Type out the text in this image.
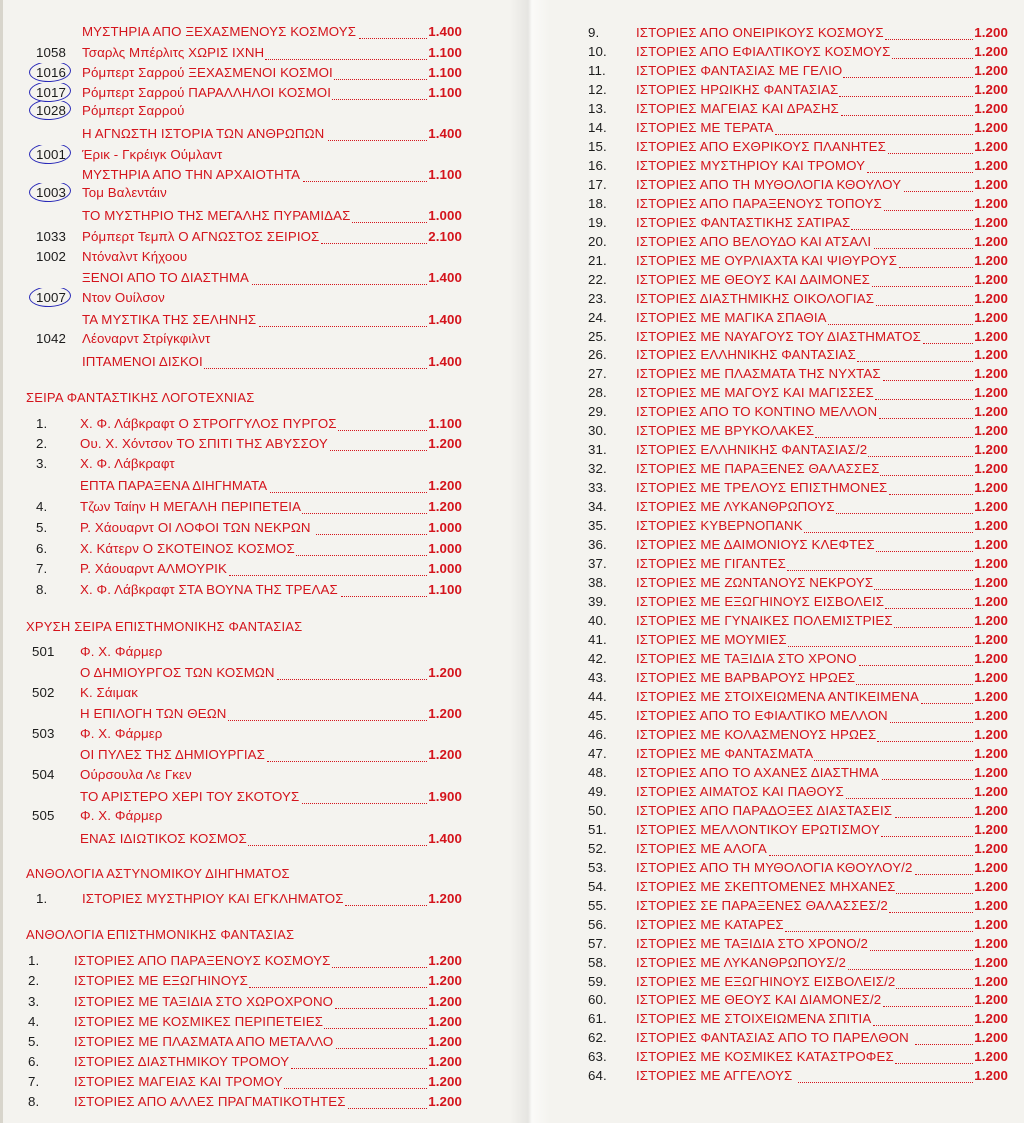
ΜΥΣΤΗΡΙΑ ΑΠΟ ΞΕΧΑΣΜΕΝΟΥΣ ΚΟΣΜΟΥΣ	1.400
1058 Τσαρλς Μπέρλιτς ΧΩΡΙΣ ΙΧΝΗ	1.100
1016 Ρόμπερτ Σαρρού ΞΕΧΑΣΜΕΝΟΙ ΚΟΣΜΟΙ	1.100
1017 Ρόμπερτ Σαρρού ΠΑΡΑΛΛΗΛΟΙ ΚΟΣΜΟΙ	1.100
1028 Ρόμπερτ Σαρρού
Η ΑΓΝΩΣΤΗ ΙΣΤΟΡΙΑ ΤΩΝ ΑΝΘΡΩΠΩΝ	1.400
1001 Έρικ - Γκρέιγκ Ούμλαντ
ΜΥΣΤΗΡΙΑ ΑΠΟ ΤΗΝ ΑΡΧΑΙΟΤΗΤΑ	1.100
1003 Τομ Βαλεντάιν
ΤΟ ΜΥΣΤΗΡΙΟ ΤΗΣ ΜΕΓΑΛΗΣ ΠΥΡΑΜΙΔΑΣ	1.000
1033 Ρόμπερτ Τεμπλ Ο ΑΓΝΩΣΤΟΣ ΣΕΙΡΙΟΣ	2.100
1002 Ντόναλντ Κήχοου
ΞΕΝΟΙ ΑΠΟ ΤΟ ΔΙΑΣΤΗΜΑ	1.400
1007 Ντον Ουίλσον
ΤΑ ΜΥΣΤΙΚΑ ΤΗΣ ΣΕΛΗΝΗΣ	1.400
1042 Λέοναρντ Στρίγκφιλντ
ΙΠΤΑΜΕΝΟΙ ΔΙΣΚΟΙ	1.400
1. Χ. Φ. Λάβκραφτ Ο ΣΤΡΟΓΓΥΛΟΣ ΠΥΡΓΟΣ	1.100
2. Ου. Χ. Χόντσον ΤΟ ΣΠΙΤΙ ΤΗΣ ΑΒΥΣΣΟΥ	1.200
3. Χ. Φ. Λάβκραφτ
ΕΠΤΑ ΠΑΡΑΞΕΝΑ ΔΙΗΓΗΜΑΤΑ	1.200
4. Τζων Ταίην Η ΜΕΓΑΛΗ ΠΕΡΙΠΕΤΕΙΑ	1.200
5. Ρ. Χάουαρντ ΟΙ ΛΟΦΟΙ ΤΩΝ ΝΕΚΡΩΝ	1.000
6. Χ. Κάτερν Ο ΣΚΟΤΕΙΝΟΣ ΚΟΣΜΟΣ	1.000
7. Ρ. Χάουαρντ ΑΛΜΟΥΡΙΚ	1.000
8. Χ. Φ. Λάβκραφτ ΣΤΑ ΒΟΥΝΑ ΤΗΣ ΤΡΕΛΑΣ	1.100
501 Φ. Χ. Φάρμερ
Ο ΔΗΜΙΟΥΡΓΟΣ ΤΩΝ ΚΟΣΜΩΝ	1.200
502 Κ. Σάιμακ
Η ΕΠΙΛΟΓΗ ΤΩΝ ΘΕΩΝ	1.200
503 Φ. Χ. Φάρμερ
ΟΙ ΠΥΛΕΣ ΤΗΣ ΔΗΜΙΟΥΡΓΙΑΣ	1.200
504 Ούρσουλα Λε Γκεν
ΤΟ ΑΡΙΣΤΕΡΟ ΧΕΡΙ ΤΟΥ ΣΚΟΤΟΥΣ	1.900
505 Φ. Χ. Φάρμερ
ΕΝΑΣ ΙΔΙΩΤΙΚΟΣ ΚΟΣΜΟΣ	1.400
1.	ΙΣΤΟΡΙΕΣ ΜΥΣΤΗΡΙΟΥ ΚΑΙ ΕΓΚΛΗΜΑΤΟΣ	1.200
1.	ΙΣΤΟΡΙΕΣ ΑΠΟ ΠΑΡΑΞΕΝΟΥΣ ΚΟΣΜΟΥΣ	1.200
2.	ΙΣΤΟΡΙΕΣ ΜΕ ΕΞΩΓΗΙΝΟΥΣ	1.200
3.	ΙΣΤΟΡΙΕΣ ΜΕ ΤΑΞΙΔΙΑ ΣΤΟ ΧΩΡΟΧΡΟΝΟ	1.200
4.	ΙΣΤΟΡΙΕΣ ΜΕ ΚΟΣΜΙΚΕΣ ΠΕΡΙΠΕΤΕΙΕΣ	1.200
5.	ΙΣΤΟΡΙΕΣ ΜΕ ΠΛΑΣΜΑΤΑ ΑΠΟ ΜΕΤΑΛΛΟ	1.200
6.	ΙΣΤΟΡΙΕΣ ΔΙΑΣΤΗΜΙΚΟΥ ΤΡΟΜΟΥ	1.200
7.	ΙΣΤΟΡΙΕΣ ΜΑΓΕΙΑΣ ΚΑΙ ΤΡΟΜΟΥ	1.200
8.	ΙΣΤΟΡΙΕΣ ΑΠΟ ΑΛΛΕΣ ΠΡΑΓΜΑΤΙΚΟΤΗΤΕΣ	1.200
ΣΕΙΡΑ ΦΑΝΤΑΣΤΙΚΗΣ ΛΟΓΟΤΕΧΝΙΑΣ
ΧΡΥΣΗ ΣΕΙΡΑ ΕΠΙΣΤΗΜΟΝΙΚΗΣ ΦΑΝΤΑΣΙΑΣ
ΑΝΘΟΛΟΓΙΑ ΑΣΤΥΝΟΜΙΚΟΥ ΔΙΗΓΗΜΑΤΟΣ
ΑΝΘΟΛΟΓΙΑ ΕΠΙΣΤΗΜΟΝΙΚΗΣ ΦΑΝΤΑΣΙΑΣ
9.	ΙΣΤΟΡΙΕΣ ΑΠΟ ΟΝΕΙΡΙΚΟΥΣ ΚΟΣΜΟΥΣ	1.200
10. ΙΣΤΟΡΙΕΣ ΑΠΟ ΕΦΙΑΛΤΙΚΟΥΣ ΚΟΣΜΟΥΣ	1.200
11. ΙΣΤΟΡΙΕΣ ΦΑΝΤΑΣΙΑΣ ΜΕ ΓΕΛΙΟ	1.200
12. ΙΣΤΟΡΙΕΣ ΗΡΩΙΚΗΣ ΦΑΝΤΑΣΙΑΣ	1.200
13. ΙΣΤΟΡΙΕΣ ΜΑΓΕΙΑΣ ΚΑΙ ΔΡΑΣΗΣ	1.200
14. ΙΣΤΟΡΙΕΣ ΜΕ ΤΕΡΑΤΑ	1.200
15. ΙΣΤΟΡΙΕΣ ΑΠΟ ΕΧΘΡΙΚΟΥΣ ΠΛΑΝΗΤΕΣ	1.200
16. ΙΣΤΟΡΙΕΣ ΜΥΣΤΗΡΙΟΥ ΚΑΙ ΤΡΟΜΟΥ	1.200
17. ΙΣΤΟΡΙΕΣ ΑΠΟ ΤΗ ΜΥΘΟΛΟΓΙΑ ΚΘΟΥΛΟΥ	1.200
18. ΙΣΤΟΡΙΕΣ ΑΠΟ ΠΑΡΑΞΕΝΟΥΣ ΤΟΠΟΥΣ	1.200
19. ΙΣΤΟΡΙΕΣ ΦΑΝΤΑΣΤΙΚΗΣ ΣΑΤΙΡΑΣ	1.200
20. ΙΣΤΟΡΙΕΣ ΑΠΟ ΒΕΛΟΥΔΟ ΚΑΙ ΑΤΣΑΛΙ	1.200
21. ΙΣΤΟΡΙΕΣ ΜΕ ΟΥΡΛΙΑΧΤΑ ΚΑΙ ΨΙΘΥΡΟΥΣ	1.200
22. ΙΣΤΟΡΙΕΣ ΜΕ ΘΕΟΥΣ ΚΑΙ ΔΑΙΜΟΝΕΣ	1.200
23. ΙΣΤΟΡΙΕΣ ΔΙΑΣΤΗΜΙΚΗΣ ΟΙΚΟΛΟΓΙΑΣ	1.200
24. ΙΣΤΟΡΙΕΣ ΜΕ ΜΑΓΙΚΑ ΣΠΑΘΙΑ	1.200
25. ΙΣΤΟΡΙΕΣ ΜΕ ΝΑΥΑΓΟΥΣ ΤΟΥ ΔΙΑΣΤΗΜΑΤΟΣ	1.200
26. ΙΣΤΟΡΙΕΣ ΕΛΛΗΝΙΚΗΣ ΦΑΝΤΑΣΙΑΣ	1.200
27. ΙΣΤΟΡΙΕΣ ΜΕ ΠΛΑΣΜΑΤΑ ΤΗΣ ΝΥΧΤΑΣ	1.200
28. ΙΣΤΟΡΙΕΣ ΜΕ ΜΑΓΟΥΣ ΚΑΙ ΜΑΓΙΣΣΕΣ	1.200
29. ΙΣΤΟΡΙΕΣ ΑΠΟ ΤΟ ΚΟΝΤΙΝΟ ΜΕΛΛΟΝ	1.200
30. ΙΣΤΟΡΙΕΣ ΜΕ ΒΡΥΚΟΛΑΚΕΣ	1.200
31. ΙΣΤΟΡΙΕΣ ΕΛΛΗΝΙΚΗΣ ΦΑΝΤΑΣΙΑΣ/2	1.200
32. ΙΣΤΟΡΙΕΣ ΜΕ ΠΑΡΑΞΕΝΕΣ ΘΑΛΑΣΣΕΣ	1.200
33. ΙΣΤΟΡΙΕΣ ΜΕ ΤΡΕΛΟΥΣ ΕΠΙΣΤΗΜΟΝΕΣ	1.200
34. ΙΣΤΟΡΙΕΣ ΜΕ ΛΥΚΑΝΘΡΩΠΟΥΣ	1.200
35. ΙΣΤΟΡΙΕΣ ΚΥΒΕΡΝΟΠΑΝΚ	1.200
36. ΙΣΤΟΡΙΕΣ ΜΕ ΔΑΙΜΟΝΙΟΥΣ ΚΛΕΦΤΕΣ	1.200
37. ΙΣΤΟΡΙΕΣ ΜΕ ΓΙΓΑΝΤΕΣ	1.200
38. ΙΣΤΟΡΙΕΣ ΜΕ ΖΩΝΤΑΝΟΥΣ ΝΕΚΡΟΥΣ	1.200
39. ΙΣΤΟΡΙΕΣ ΜΕ ΕΞΩΓΗΙΝΟΥΣ ΕΙΣΒΟΛΕΙΣ	1.200
40. ΙΣΤΟΡΙΕΣ ΜΕ ΓΥΝΑΙΚΕΣ ΠΟΛΕΜΙΣΤΡΙΕΣ	1.200
41. ΙΣΤΟΡΙΕΣ ΜΕ ΜΟΥΜΙΕΣ	1.200
42. ΙΣΤΟΡΙΕΣ ΜΕ ΤΑΞΙΔΙΑ ΣΤΟ ΧΡΟΝΟ	1.200
43. ΙΣΤΟΡΙΕΣ ΜΕ ΒΑΡΒΑΡΟΥΣ ΗΡΩΕΣ	1.200
44. ΙΣΤΟΡΙΕΣ ΜΕ ΣΤΟΙΧΕΙΩΜΕΝΑ ΑΝΤΙΚΕΙΜΕΝΑ	1.200
45. ΙΣΤΟΡΙΕΣ ΑΠΟ ΤΟ ΕΦΙΑΛΤΙΚΟ ΜΕΛΛΟΝ	1.200
46. ΙΣΤΟΡΙΕΣ ΜΕ ΚΟΛΑΣΜΕΝΟΥΣ ΗΡΩΕΣ	1.200
47. ΙΣΤΟΡΙΕΣ ΜΕ ΦΑΝΤΑΣΜΑΤΑ	1.200
48. ΙΣΤΟΡΙΕΣ ΑΠΟ ΤΟ ΑΧΑΝΕΣ ΔΙΑΣΤΗΜΑ	1.200
49. ΙΣΤΟΡΙΕΣ ΑΙΜΑΤΟΣ ΚΑΙ ΠΑΘΟΥΣ	1.200
50. ΙΣΤΟΡΙΕΣ ΑΠΟ ΠΑΡΑΔΟΞΕΣ ΔΙΑΣΤΑΣΕΙΣ	1.200
51. ΙΣΤΟΡΙΕΣ ΜΕΛΛΟΝΤΙΚΟΥ ΕΡΩΤΙΣΜΟΥ	1.200
52. ΙΣΤΟΡΙΕΣ ΜΕ ΑΛΟΓΑ	1.200
53. ΙΣΤΟΡΙΕΣ ΑΠΟ ΤΗ ΜΥΘΟΛΟΓΙΑ ΚΘΟΥΛΟΥ/2	1.200
54. ΙΣΤΟΡΙΕΣ ΜΕ ΣΚΕΠΤΟΜΕΝΕΣ ΜΗΧΑΝΕΣ	1.200
55. ΙΣΤΟΡΙΕΣ ΣΕ ΠΑΡΑΞΕΝΕΣ ΘΑΛΑΣΣΕΣ/2	1.200
56. ΙΣΤΟΡΙΕΣ ΜΕ ΚΑΤΑΡΕΣ	1.200
57. ΙΣΤΟΡΙΕΣ ΜΕ ΤΑΞΙΔΙΑ ΣΤΟ ΧΡΟΝΟ/2	1.200
58. ΙΣΤΟΡΙΕΣ ΜΕ ΛΥΚΑΝΘΡΩΠΟΥΣ/2	1.200
59. ΙΣΤΟΡΙΕΣ ΜΕ ΕΞΩΓΗΙΝΟΥΣ ΕΙΣΒΟΛΕΙΣ/2	1.200
60. ΙΣΤΟΡΙΕΣ ΜΕ ΘΕΟΥΣ ΚΑΙ ΔΙΑΜΟΝΕΣ/2	1.200
61. ΙΣΤΟΡΙΕΣ ΜΕ ΣΤΟΙΧΕΙΩΜΕΝΑ ΣΠΙΤΙΑ	1.200
62. ΙΣΤΟΡΙΕΣ ΦΑΝΤΑΣΙΑΣ ΑΠΟ ΤΟ ΠΑΡΕΛΘΟΝ	1.200
63. ΙΣΤΟΡΙΕΣ ΜΕ ΚΟΣΜΙΚΕΣ ΚΑΤΑΣΤΡΟΦΕΣ	1.200
64. ΙΣΤΟΡΙΕΣ ΜΕ ΑΓΓΕΛΟΥΣ	1.200
